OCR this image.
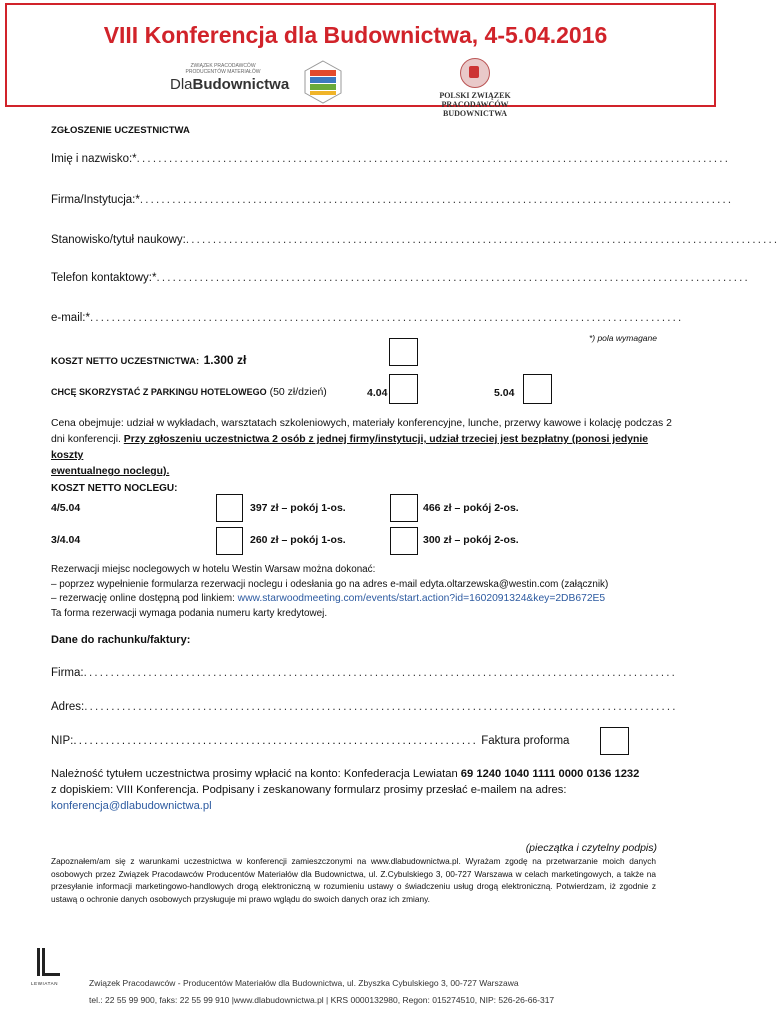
VIII Konferencja dla Budownictwa, 4-5.04.2016
ZWIĄZEK PRACODAWCÓW PRODUCENTÓW MATERIAŁÓW
DlaBudownictwa
POLSKI ZWIĄZEK
PRACODAWCÓW BUDOWNICTWA
ZGŁOSZENIE UCZESTNICTWA
Imię i nazwisko:*..............................................................................................................
Firma/Instytucja:*..............................................................................................................
Stanowisko/tytuł naukowy:..............................................................................................................
Telefon kontaktowy:*..............................................................................................................
e-mail:*..............................................................................................................
*) pola wymagane
KOSZT NETTO UCZESTNICTWA: 1.300 zł
CHCĘ SKORZYSTAĆ Z PARKINGU HOTELOWEGO (50 zł/dzień)	4.04	5.04
Cena obejmuje: udział w wykładach, warsztatach szkoleniowych, materiały konferencyjne, lunche, przerwy kawowe i kolację podczas 2
dni konferencji. Przy zgłoszeniu uczestnictwa 2 osób z jednej firmy/instytucji, udział trzeciej jest bezpłatny (ponosi jedynie koszty
ewentualnego noclegu).
KOSZT NETTO NOCLEGU:
4/5.04	397 zł – pokój 1-os.	466 zł – pokój 2-os.
3/4.04	260 zł – pokój 1-os.	300 zł – pokój 2-os.
Rezerwacji miejsc noclegowych w hotelu Westin Warsaw można dokonać:
– poprzez wypełnienie formularza rezerwacji noclegu i odesłania go na adres e-mail edyta.oltarzewska@westin.com (załącznik)
– rezerwację online dostępną pod linkiem: www.starwoodmeeting.com/events/start.action?id=1602091324&key=2DB672E5
Ta forma rezerwacji wymaga podania numeru karty kredytowej.
Dane do rachunku/faktury:
Firma:..............................................................................................................
Adres:..............................................................................................................
NIP:........................................................................... Faktura proforma
Należność tytułem uczestnictwa prosimy wpłacić na konto: Konfederacja Lewiatan 69 1240 1040 1111 0000 0136 1232
z dopiskiem: VIII Konferencja. Podpisany i zeskanowany formularz prosimy przesłać e-mailem na adres:
konferencja@dlabudownictwa.pl
(pieczątka i czytelny podpis)
Zapoznałem/am się z warunkami uczestnictwa w konferencji zamieszczonymi na www.dlabudownictwa.pl. Wyrażam zgodę na przetwarzanie moich danych osobowych przez Związek Pracodawców Producentów Materiałów dla Budownictwa, ul. Z.Cybulskiego 3, 00-727 Warszawa w celach marketingowych, a także na przesyłanie informacji marketingowo-handlowych drogą elektroniczną w rozumieniu ustawy o świadczeniu usług drogą elektroniczną. Potwierdzam, iż zgodnie z ustawą o ochronie danych osobowych przysługuje mi prawo wglądu do swoich danych oraz ich zmiany.
LEWIATAN	Związek Pracodawców - Producentów Materiałów dla Budownictwa, ul. Zbyszka Cybulskiego 3, 00-727 Warszawa
tel.: 22 55 99 900, faks: 22 55 99 910 |www.dlabudownictwa.pl | KRS 0000132980, Regon: 015274510, NIP: 526-26-66-317
